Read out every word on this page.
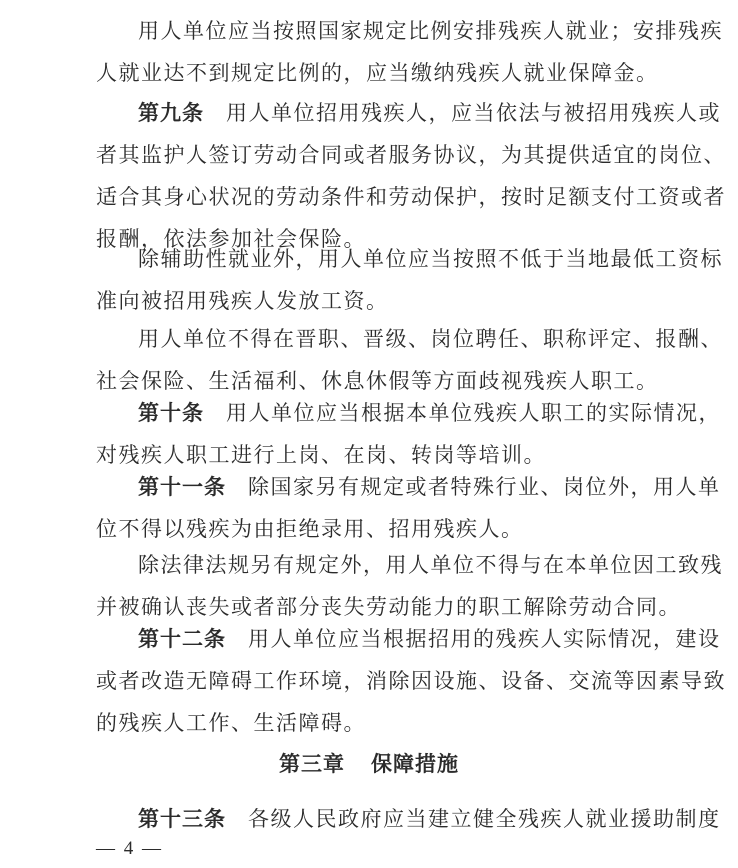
用人单位应当按照国家规定比例安排残疾人就业；安排残疾
人就业达不到规定比例的，应当缴纳残疾人就业保障金。

第九条 用人单位招用残疾人，应当依法与被招用残疾人或
者其监护人签订劳动合同或者服务协议，为其提供适宜的岗位、
适合其身心状况的劳动条件和劳动保护，按时足额支付工资或者
报酬，依法参加社会保险。

除辅助性就业外，用人单位应当按照不低于当地最低工资标
准向被招用残疾人发放工资。

用人单位不得在晋职、晋级、岗位聘任、职称评定、报酬、
社会保险、生活福利、休息休假等方面歧视残疾人职工。

第十条 用人单位应当根据本单位残疾人职工的实际情况，
对残疾人职工进行上岗、在岗、转岗等培训。

第十一条 除国家另有规定或者特殊行业、岗位外，用人单
位不得以残疾为由拒绝录用、招用残疾人。

除法律法规另有规定外，用人单位不得与在本单位因工致残
并被确认丧失或者部分丧失劳动能力的职工解除劳动合同。

第十二条 用人单位应当根据招用的残疾人实际情况，建设
或者改造无障碍工作环境，消除因设施、设备、交流等因素导致
的残疾人工作、生活障碍。

第三章 保障措施

第十三条 各级人民政府应当建立健全残疾人就业援助制度

— 4 —
